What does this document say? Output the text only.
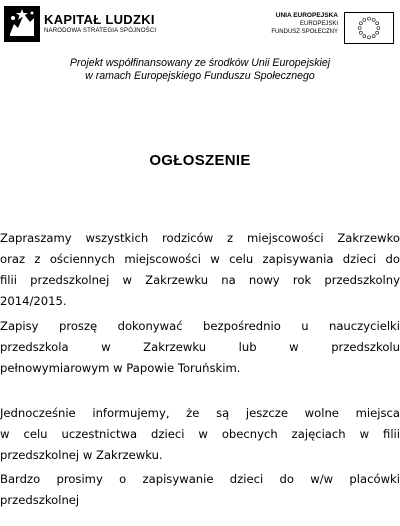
KAPITAŁ LUDZKI
NARODOWA STRATEGIA SPÓJNOŚCI
UNIA EUROPEJSKA
EUROPEJSKI
FUNDUSZ SPOŁECZNY
Projekt współfinansowany ze środków Unii Europejskiej
w ramach Europejskiego Funduszu Społecznego
OGŁOSZENIE
Zapraszamy wszystkich rodziców z miejscowości Zakrzewko
oraz z ościennych miejscowości w celu zapisywania dzieci do
filii przedszkolnej w Zakrzewku na nowy rok przedszkolny
2014/2015.
Zapisy proszę dokonywać bezpośrednio u nauczycielki
przedszkola w Zakrzewku lub w przedszkolu
pełnowymiarowym w Papowie Toruńskim.
Jednocześnie informujemy, że są jeszcze wolne miejsca
w celu uczestnictwa dzieci w obecnych zajęciach w filii
przedszkolnej w Zakrzewku.
Bardzo prosimy o zapisywanie dzieci do w/w placówki
przedszkolnej
